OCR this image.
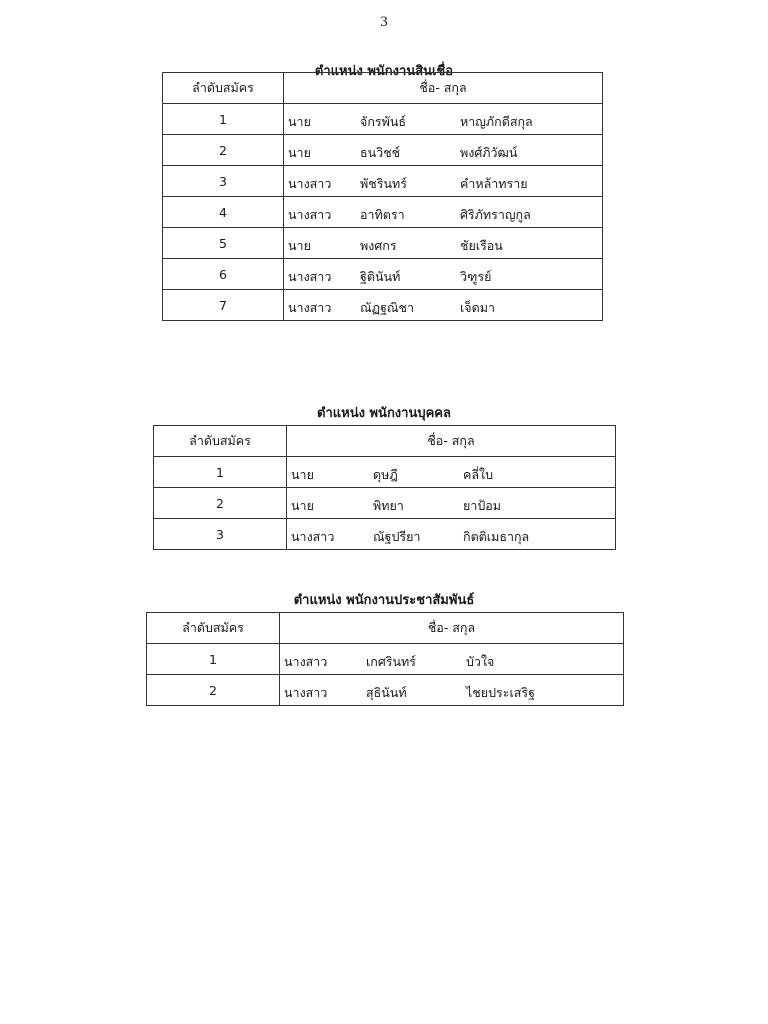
3
ตำแหน่ง พนักงานสินเชื่อ
ลำดับสมัคร	ชื่อ- สกุล
1	นาย จักรพันธ์ หาญภักดีสกุล

2	นาย ธนวิชช์ พงศ์ภิวัฒน์

3	นางสาว พัชรินทร์ คำหล้าทราย

4	นางสาว อาทิตรา ศิริภัทราญกูล

5	นาย พงศกร ชัยเรือน

6	นางสาว ฐิตินันท์ วิฑูรย์

7	นางสาว ณัฏฐณิชา เจ็ดมา
ตำแหน่ง พนักงานบุคคล
ลำดับสมัคร	ชื่อ- สกุล
1	นาย ดุษฎี คลี่ใบ

2	นาย พิทยา ยาป้อม

3	นางสาว ณัฐปรียา กิตติเมธากุล
ตำแหน่ง พนักงานประชาสัมพันธ์
ลำดับสมัคร	ชื่อ- สกุล
1	นางสาว เกศรินทร์ บัวใจ

2	นางสาว สุธินันท์ ไชยประเสริฐ
